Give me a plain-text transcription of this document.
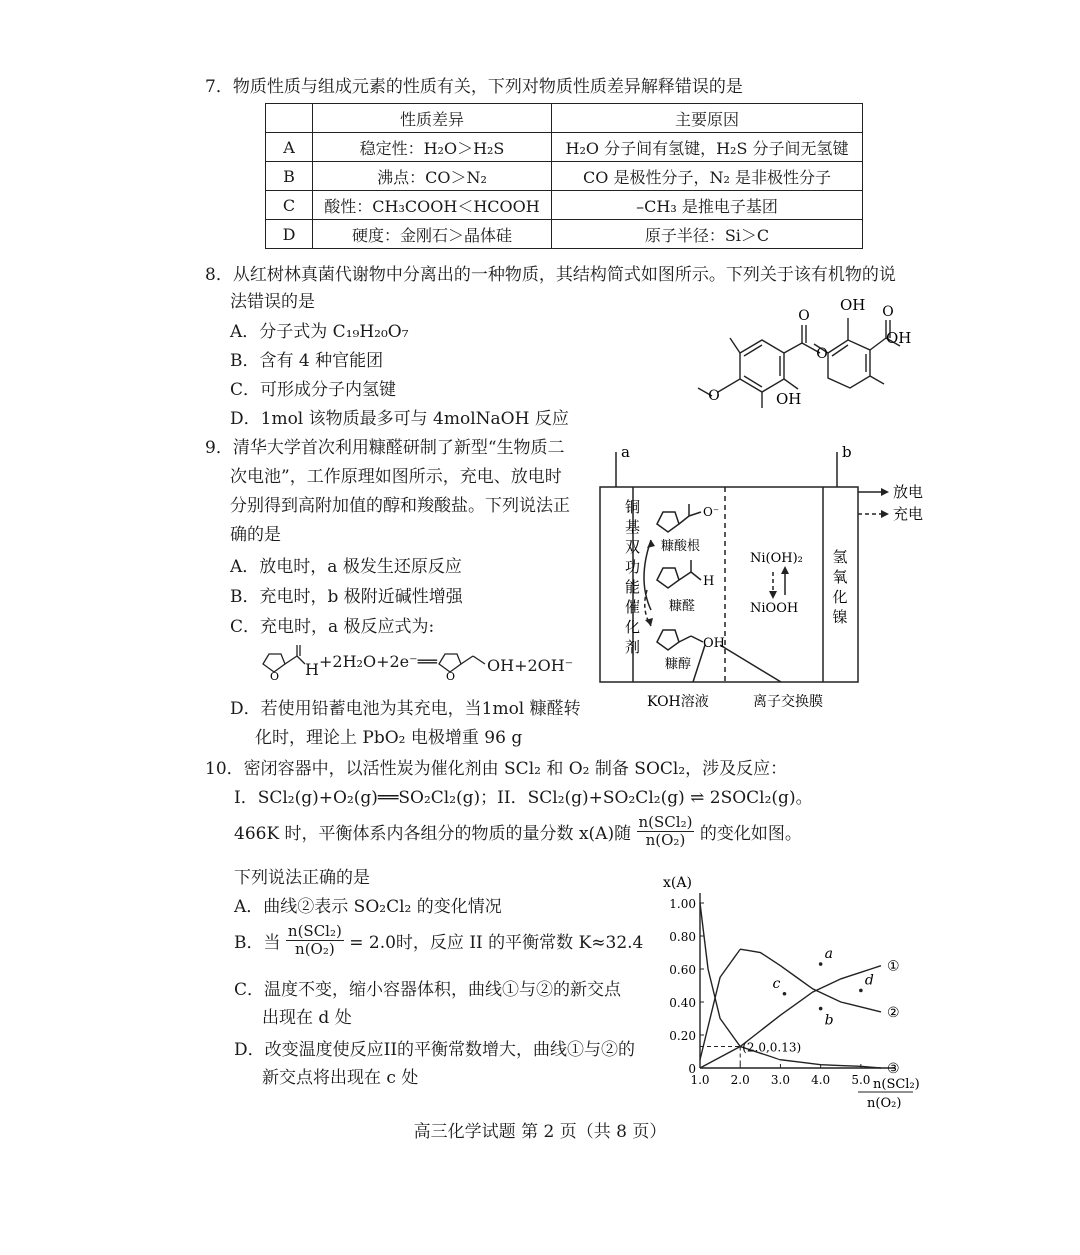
7．物质性质与组成元素的性质有关，下列对物质性质差异解释错误的是
	性质差异	主要原因
A	稳定性：H₂O＞H₂S	H₂O 分子间有氢键，H₂S 分子间无氢键
B	沸点：CO＞N₂	CO 是极性分子，N₂ 是非极性分子
C	酸性：CH₃COOH＜HCOOH	–CH₃ 是推电子基团
D	硬度：金刚石＞晶体硅	原子半径：Si＞C
8．从红树林真菌代谢物中分离出的一种物质，其结构简式如图所示。下列关于该有机物的说
法错误的是
A．分子式为 C₁₉H₂₀O₇
B．含有 4 种官能团
C．可形成分子内氢键
D．1mol 该物质最多可与 4molNaOH 反应
O
O
O
O
OH
OH
OH
9．清华大学首次利用糠醛研制了新型“生物质二
次电池”，工作原理如图所示，充电、放电时
分别得到高附加值的醇和羧酸盐。下列说法正
确的是
A．放电时，a 极发生还原反应
B．充电时，b 极附近碱性增强
C．充电时，a 极反应式为:
O H +2H₂O+2e⁻══
O
OH+2OH⁻
D．若使用铅蓄电池为其充电，当1mol 糠醛转
化时，理论上 PbO₂ 电极增重 96 g
a	b
放电
充电
铜
基
双
功
能
催
化
剂
氢
氧
化
镍
O⁻
糠酸根
H
糠醛
OH
糠醇
Ni(OH)₂
NiOOH
KOH溶液	离子交换膜
10．密闭容器中，以活性炭为催化剂由 SCl₂ 和 O₂ 制备 SOCl₂，涉及反应：
I．SCl₂(g)+O₂(g)══SO₂Cl₂(g)；II．SCl₂(g)+SO₂Cl₂(g) ⇌ 2SOCl₂(g)。
466K 时，平衡体系内各组分的物质的量分数 x(A)随 $\frac{\text{n(SCl₂)}}{\text{n(O₂)}}$ 的变化如图。
下列说法正确的是
A．曲线②表示 SO₂Cl₂ 的变化情况
B．当 $\frac{\text{n(SCl₂)}}{\text{n(O₂)}} = 2.0$时，反应 II 的平衡常数 K≈32.4
C．温度不变，缩小容器体积，曲线①与②的新交点
出现在 d 处
D．改变温度使反应II的平衡常数增大，曲线①与②的
新交点将出现在 c 处	0
0.20
0.40
0.60
0.80
1.00
1.0 2.0 3.0 4.0 5.0
①
②
③
a
b
c	d
(2.0,0.13)
x(A)
n(SCl₂)
n(O₂)
高三化学试题 第 2 页（共 8 页）
